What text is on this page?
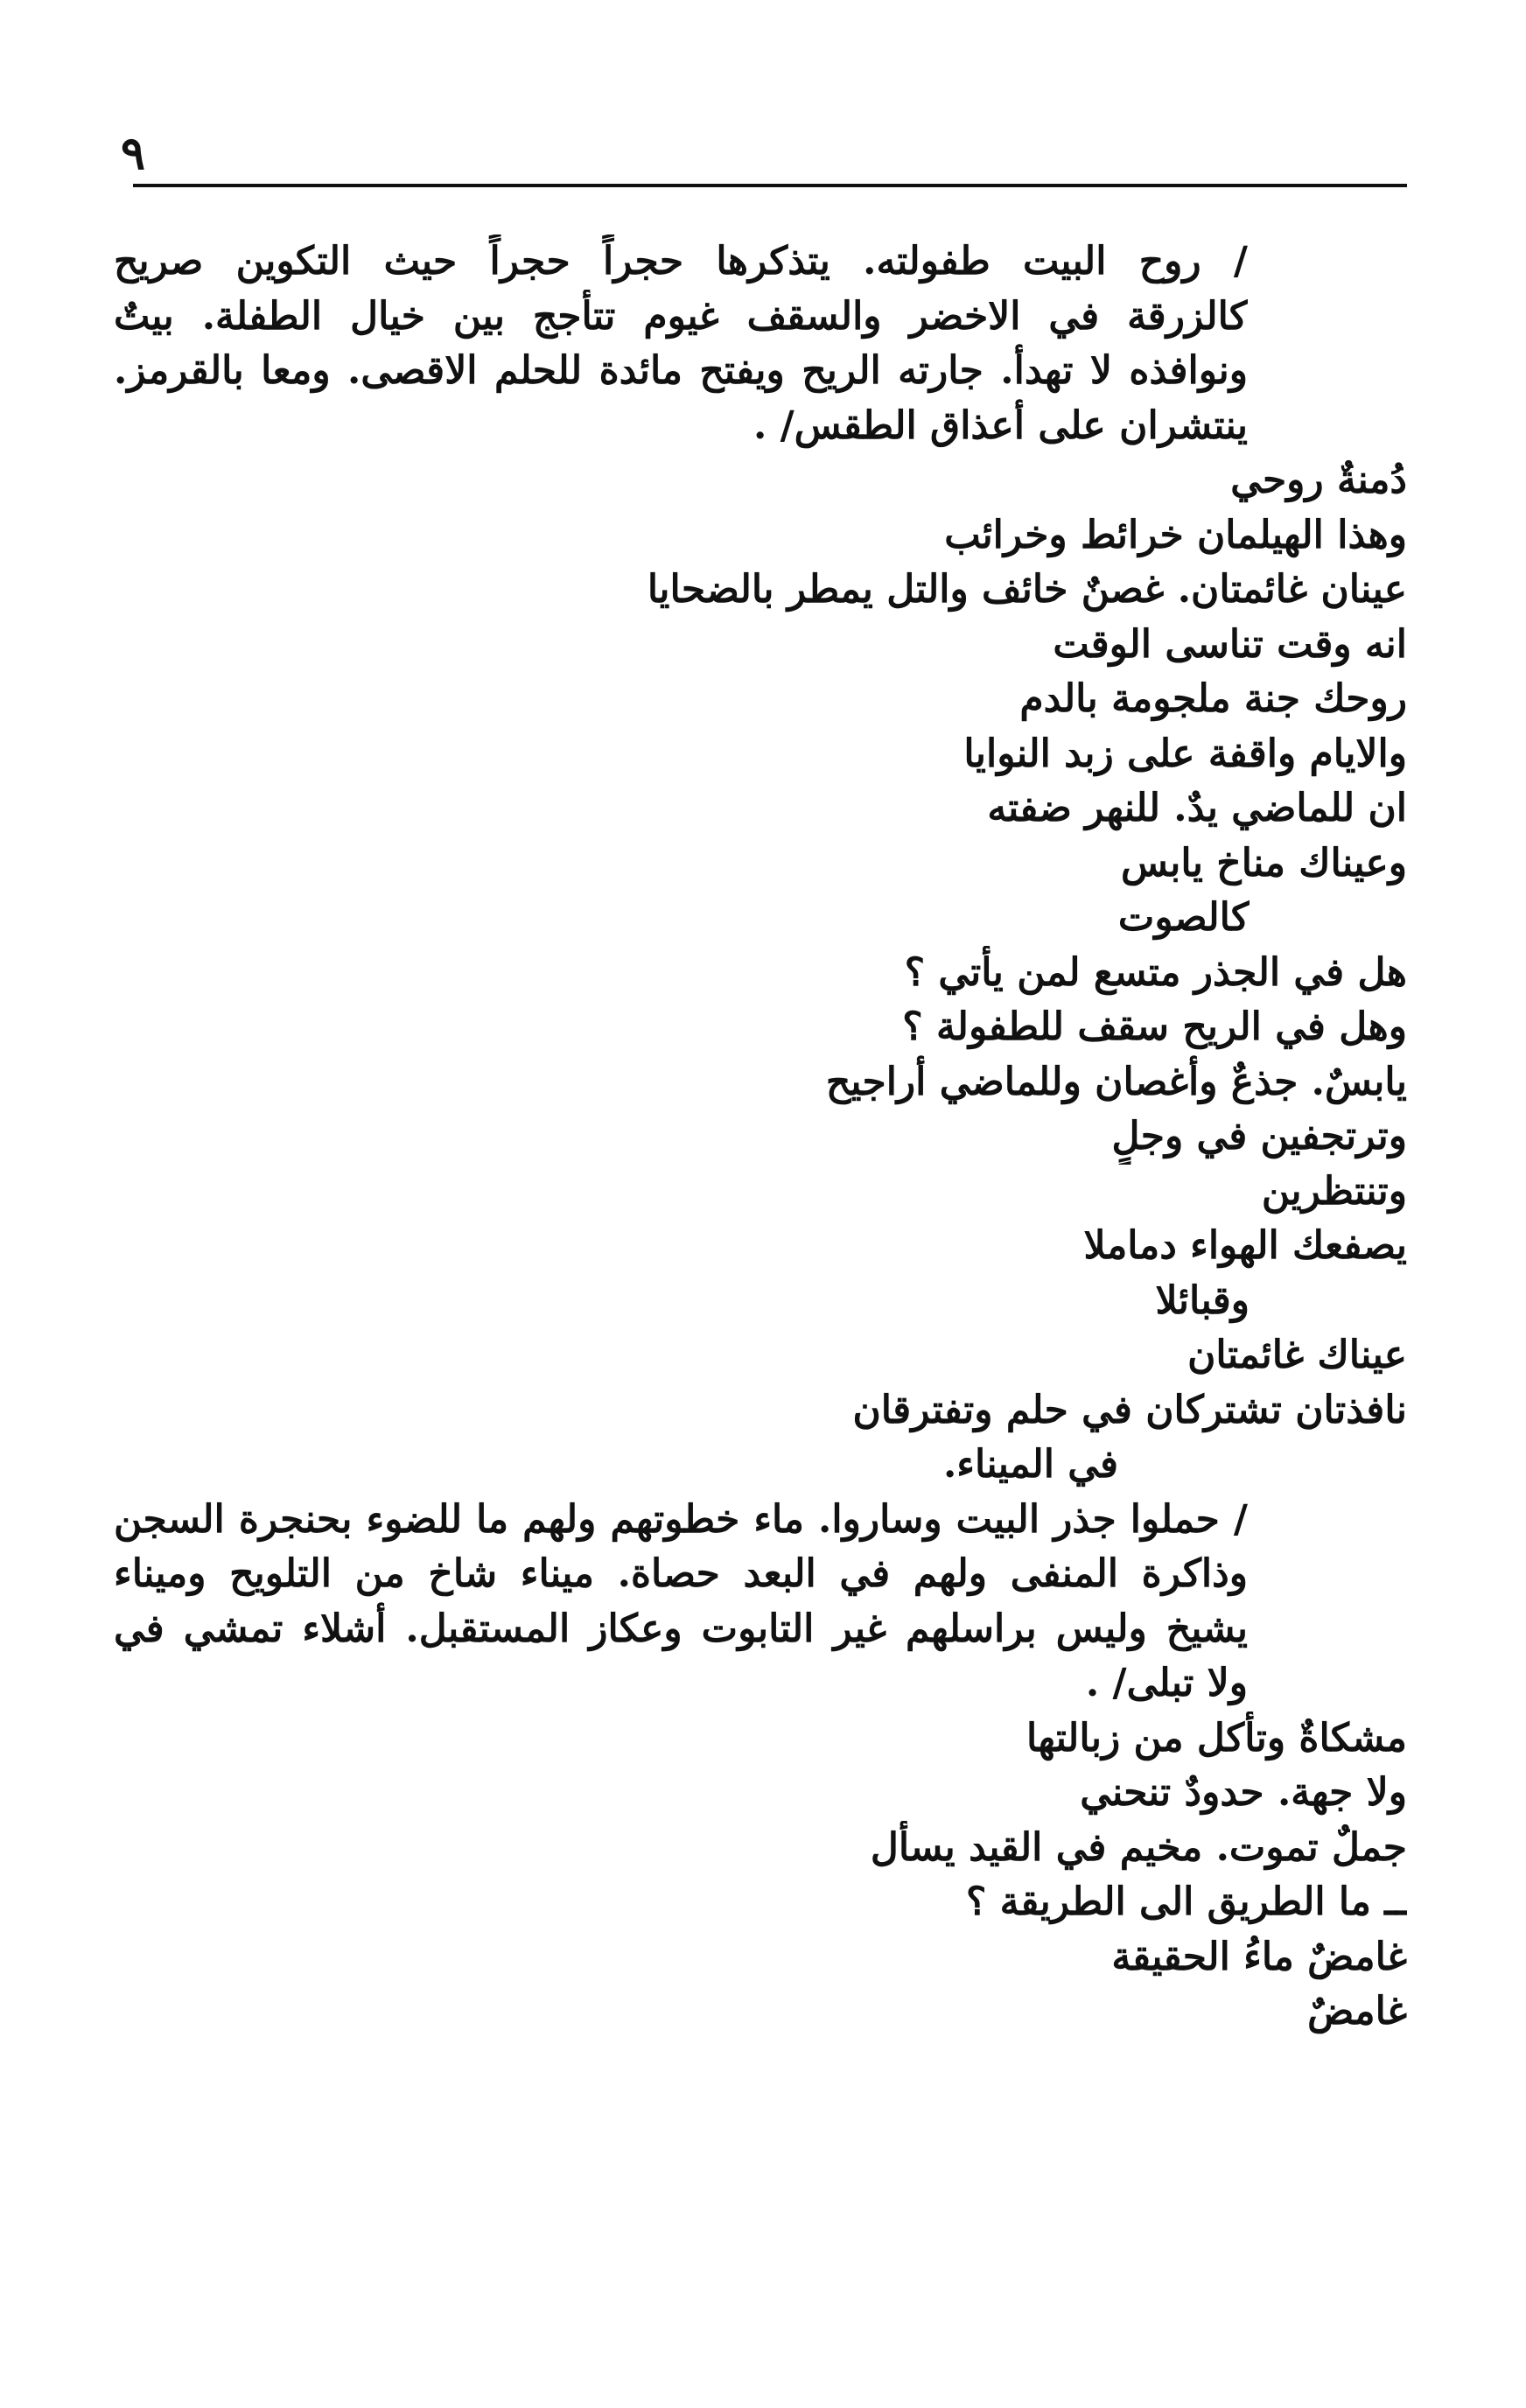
٩
/ روح البيت طفولته. يتذكرها حجراً حجراً حيث التكوين صريح
كالزرقة في الاخضر والسقف غيوم تتأجج بين خيال الطفلة. بيتٌ
ونوافذه لا تهدأ. جارته الريح ويفتح مائدة للحلم الاقصى. ومعا بالقرمز.
ينتشران على أعذاق الطقس/ .
دُمنةٌ روحي
وهذا الهيلمان خرائط وخرائب
عينان غائمتان. غصنٌ خائف والتل يمطر بالضحايا
انه وقت تناسى الوقت
روحك جنة ملجومة بالدم
والايام واقفة على زبد النوايا
ان للماضي يدٌ. للنهر ضفته
وعيناك مناخ يابس
كالصوت
هل في الجذر متسع لمن يأتي ؟
وهل في الريح سقف للطفولة ؟
يابسٌ. جذعٌ وأغصان وللماضي أراجيح
وترتجفين في وجلٍ
وتنتظرين
يصفعك الهواء دماملا
وقبائلا
عيناك غائمتان
نافذتان تشتركان في حلم وتفترقان
في الميناء.
/ حملوا جذر البيت وساروا. ماء خطوتهم ولهم ما للضوء بحنجرة السجن
وذاكرة المنفى ولهم في البعد حصاة. ميناء شاخ من التلويح وميناء
يشيخ وليس براسلهم غير التابوت وعكاز المستقبل. أشلاء تمشي في
ولا تبلى/ .
مشكاةٌ وتأكل من زبالتها
ولا جهة. حدودٌ تنحني
جملٌ تموت. مخيم في القيد يسأل
ــ ما الطريق الى الطريقة ؟
غامضٌ ماءُ الحقيقة
غامضٌ
